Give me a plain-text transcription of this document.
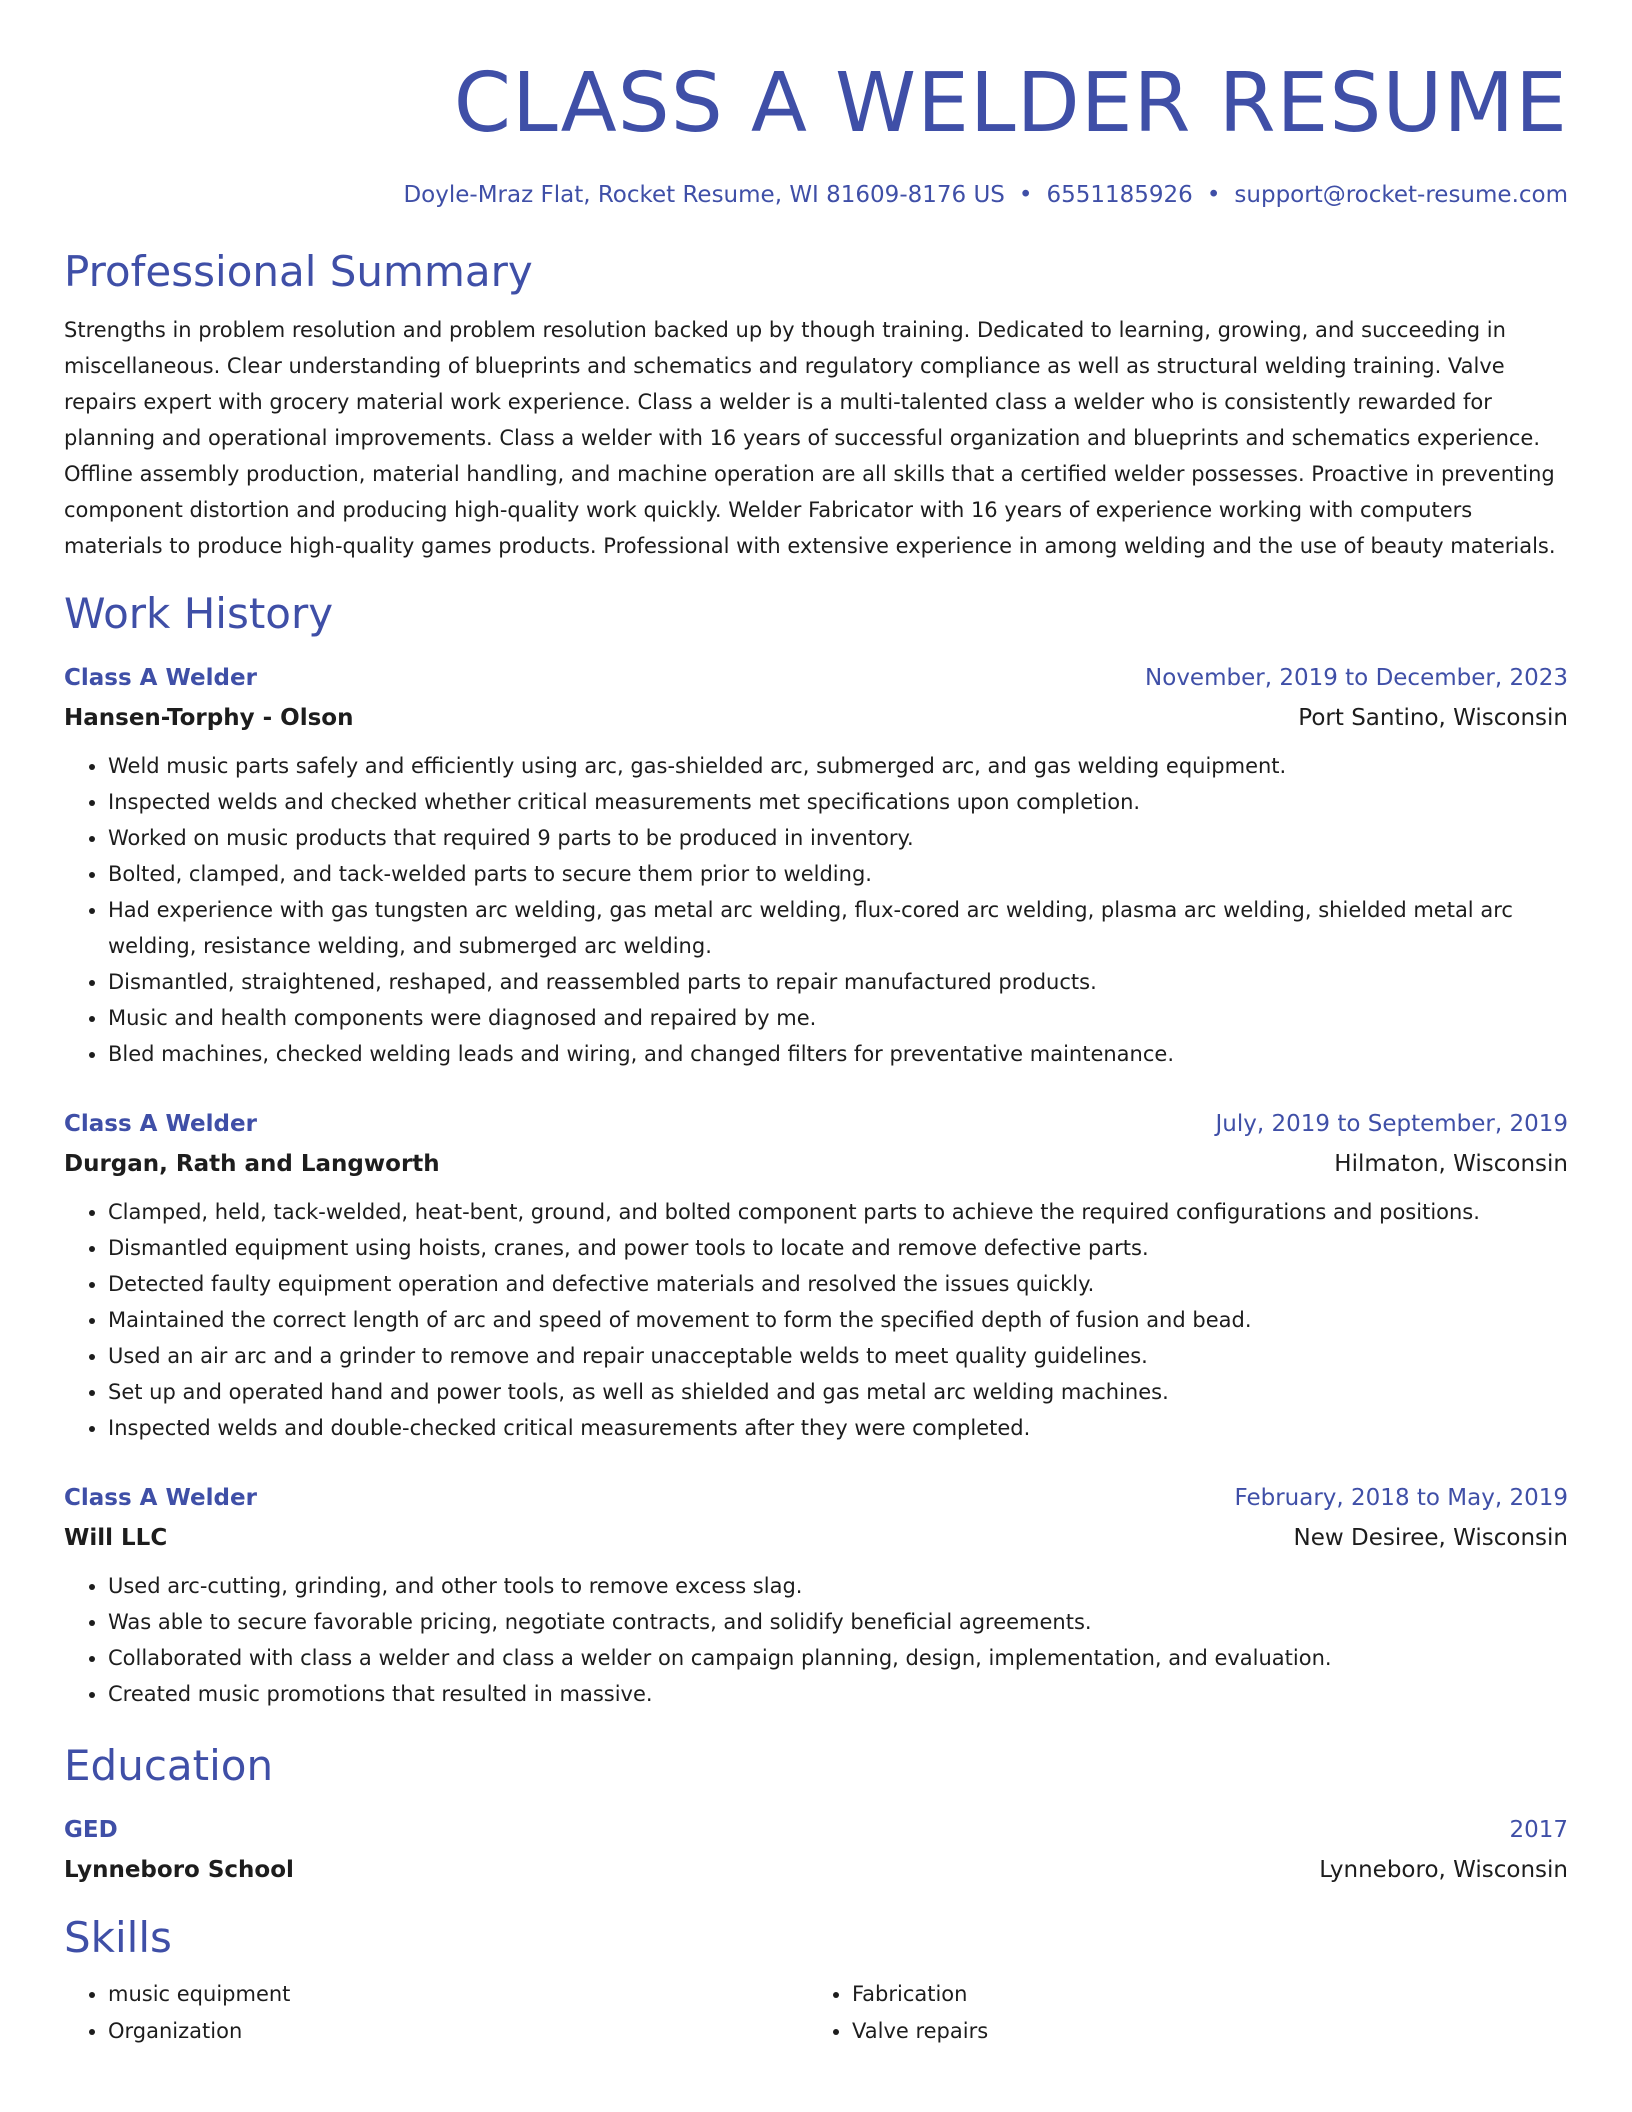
CLASS A WELDER RESUME
Doyle-Mraz Flat, Rocket Resume, WI 81609-8176 US • 6551185926 • support@rocket-resume.com
Professional Summary

Strengths in problem resolution and problem resolution backed up by though training. Dedicated to learning, growing, and succeeding in miscellaneous. Clear understanding of blueprints and schematics and regulatory compliance as well as structural welding training. Valve repairs expert with grocery material work experience. Class a welder is a multi-talented class a welder who is consistently rewarded for planning and operational improvements. Class a welder with 16 years of successful organization and blueprints and schematics experience. Offline assembly production, material handling, and machine operation are all skills that a certified welder possesses. Proactive in preventing component distortion and producing high-quality work quickly. Welder Fabricator with 16 years of experience working with computers materials to produce high-quality games products. Professional with extensive experience in among welding and the use of beauty materials.

Work History
Class A Welder	November, 2019 to December, 2023
Hansen-Torphy - Olson	Port Santino, Wisconsin
• Weld music parts safely and efficiently using arc, gas-shielded arc, submerged arc, and gas welding equipment.
• Inspected welds and checked whether critical measurements met specifications upon completion.
• Worked on music products that required 9 parts to be produced in inventory.
• Bolted, clamped, and tack-welded parts to secure them prior to welding.
• Had experience with gas tungsten arc welding, gas metal arc welding, flux-cored arc welding, plasma arc welding, shielded metal arc welding, resistance welding, and submerged arc welding.
• Dismantled, straightened, reshaped, and reassembled parts to repair manufactured products.
• Music and health components were diagnosed and repaired by me.
• Bled machines, checked welding leads and wiring, and changed filters for preventative maintenance.
Class A Welder	July, 2019 to September, 2019
Durgan, Rath and Langworth	Hilmaton, Wisconsin
• Clamped, held, tack-welded, heat-bent, ground, and bolted component parts to achieve the required configurations and positions.
• Dismantled equipment using hoists, cranes, and power tools to locate and remove defective parts.
• Detected faulty equipment operation and defective materials and resolved the issues quickly.
• Maintained the correct length of arc and speed of movement to form the specified depth of fusion and bead.
• Used an air arc and a grinder to remove and repair unacceptable welds to meet quality guidelines.
• Set up and operated hand and power tools, as well as shielded and gas metal arc welding machines.
• Inspected welds and double-checked critical measurements after they were completed.
Class A Welder	February, 2018 to May, 2019
Will LLC	New Desiree, Wisconsin
• Used arc-cutting, grinding, and other tools to remove excess slag.
• Was able to secure favorable pricing, negotiate contracts, and solidify beneficial agreements.
• Collaborated with class a welder and class a welder on campaign planning, design, implementation, and evaluation.
• Created music promotions that resulted in massive.
Education
GED	2017
Lynneboro School	Lynneboro, Wisconsin
Skills
• music equipment
• Organization
• Fabrication
• Valve repairs
